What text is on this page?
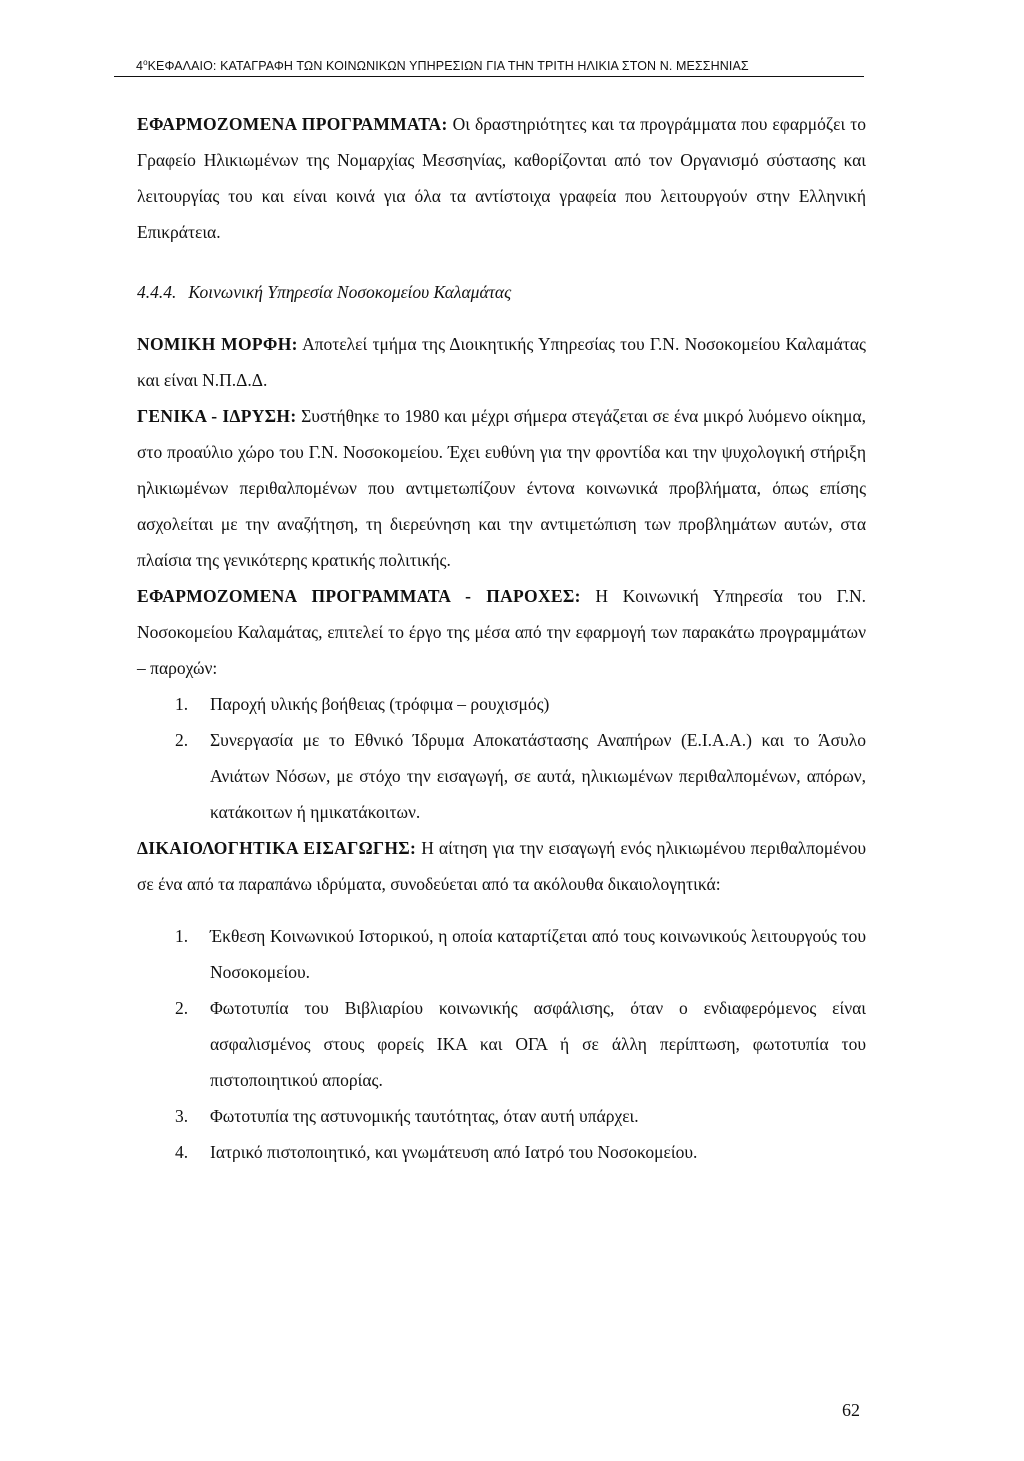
$4^oKE\Phi A\Lambda AIO$: ΚΑΤΑΓΡΑΦΗ ΤΩΝ ΚΟΙΝΩΝΙΚΩΝ ΥΠΗΡΕΣΙΩΝ ΓΙΑ ΤΗΝ ΤΡΙΤΗ ΗΛΙΚΙΑ ΣΤΟΝ Ν. ΜΕΣΣΗΝΙΑΣ

ΕΦΑΡΜΟΖΟΜΕΝΑ ΠΡΟΓΡΑΜΜΑΤΑ: Οι δραστηριότητες και τα προγράμματα που εφαρμόζει το Γραφείο Ηλικιωμένων της Νομαρχίας Μεσσηνίας, καθορίζονται από τον Οργανισμό σύστασης και λειτουργίας του και είναι κοινά για όλα τα αντίστοιχα γραφεία που λειτουργούν στην Ελληνική Επικράτεια.

4.4.4. Κοινωνική Υπηρεσία Νοσοκομείου Καλαμάτας

ΝΟΜΙΚΗ ΜΟΡΦΗ: Αποτελεί τμήμα της Διοικητικής Υπηρεσίας του Γ.Ν. Νοσοκομείου Καλαμάτας και είναι Ν.Π.Δ.Δ.

ΓΕΝΙΚΑ - ΙΔΡΥΣΗ: Συστήθηκε το 1980 και μέχρι σήμερα στεγάζεται σε ένα μικρό λυόμενο οίκημα, στο προαύλιο χώρο του Γ.Ν. Νοσοκομείου. Έχει ευθύνη για την φροντίδα και την ψυχολογική στήριξη ηλικιωμένων περιθαλπομένων που αντιμετωπίζουν έντονα κοινωνικά προβλήματα, όπως επίσης ασχολείται με την αναζήτηση, τη διερεύνηση και την αντιμετώπιση των προβλημάτων αυτών, στα πλαίσια της γενικότερης κρατικής πολιτικής.

ΕΦΑΡΜΟΖΟΜΕΝΑ ΠΡΟΓΡΑΜΜΑΤΑ - ΠΑΡΟΧΕΣ: Η Κοινωνική Υπηρεσία του Γ.Ν. Νοσοκομείου Καλαμάτας, επιτελεί το έργο της μέσα από την εφαρμογή των παρακάτω προγραμμάτων – παροχών:

1.	Παροχή υλικής βοήθειας (τρόφιμα – ρουχισμός)
2.	Συνεργασία με το Εθνικό Ίδρυμα Αποκατάστασης Αναπήρων (Ε.Ι.Α.Α.) και το Άσυλο Ανιάτων Νόσων, με στόχο την εισαγωγή, σε αυτά, ηλικιωμένων περιθαλπομένων, απόρων, κατάκοιτων ή ημικατάκοιτων.

ΔΙΚΑΙΟΛΟΓΗΤΙΚΑ ΕΙΣΑΓΩΓΗΣ: Η αίτηση για την εισαγωγή ενός ηλικιωμένου περιθαλπομένου σε ένα από τα παραπάνω ιδρύματα, συνοδεύεται από τα ακόλουθα δικαιολογητικά:

1.	Έκθεση Κοινωνικού Ιστορικού, η οποία καταρτίζεται από τους κοινωνικούς λειτουργούς του Νοσοκομείου.
2.	Φωτοτυπία του Βιβλιαρίου κοινωνικής ασφάλισης, όταν ο ενδιαφερόμενος είναι ασφαλισμένος στους φορείς ΙΚΑ και ΟΓΑ ή σε άλλη περίπτωση, φωτοτυπία του πιστοποιητικού απορίας.
3.	Φωτοτυπία της αστυνομικής ταυτότητας, όταν αυτή υπάρχει.
4.	Ιατρικό πιστοποιητικό, και γνωμάτευση από Ιατρό του Νοσοκομείου.
62
